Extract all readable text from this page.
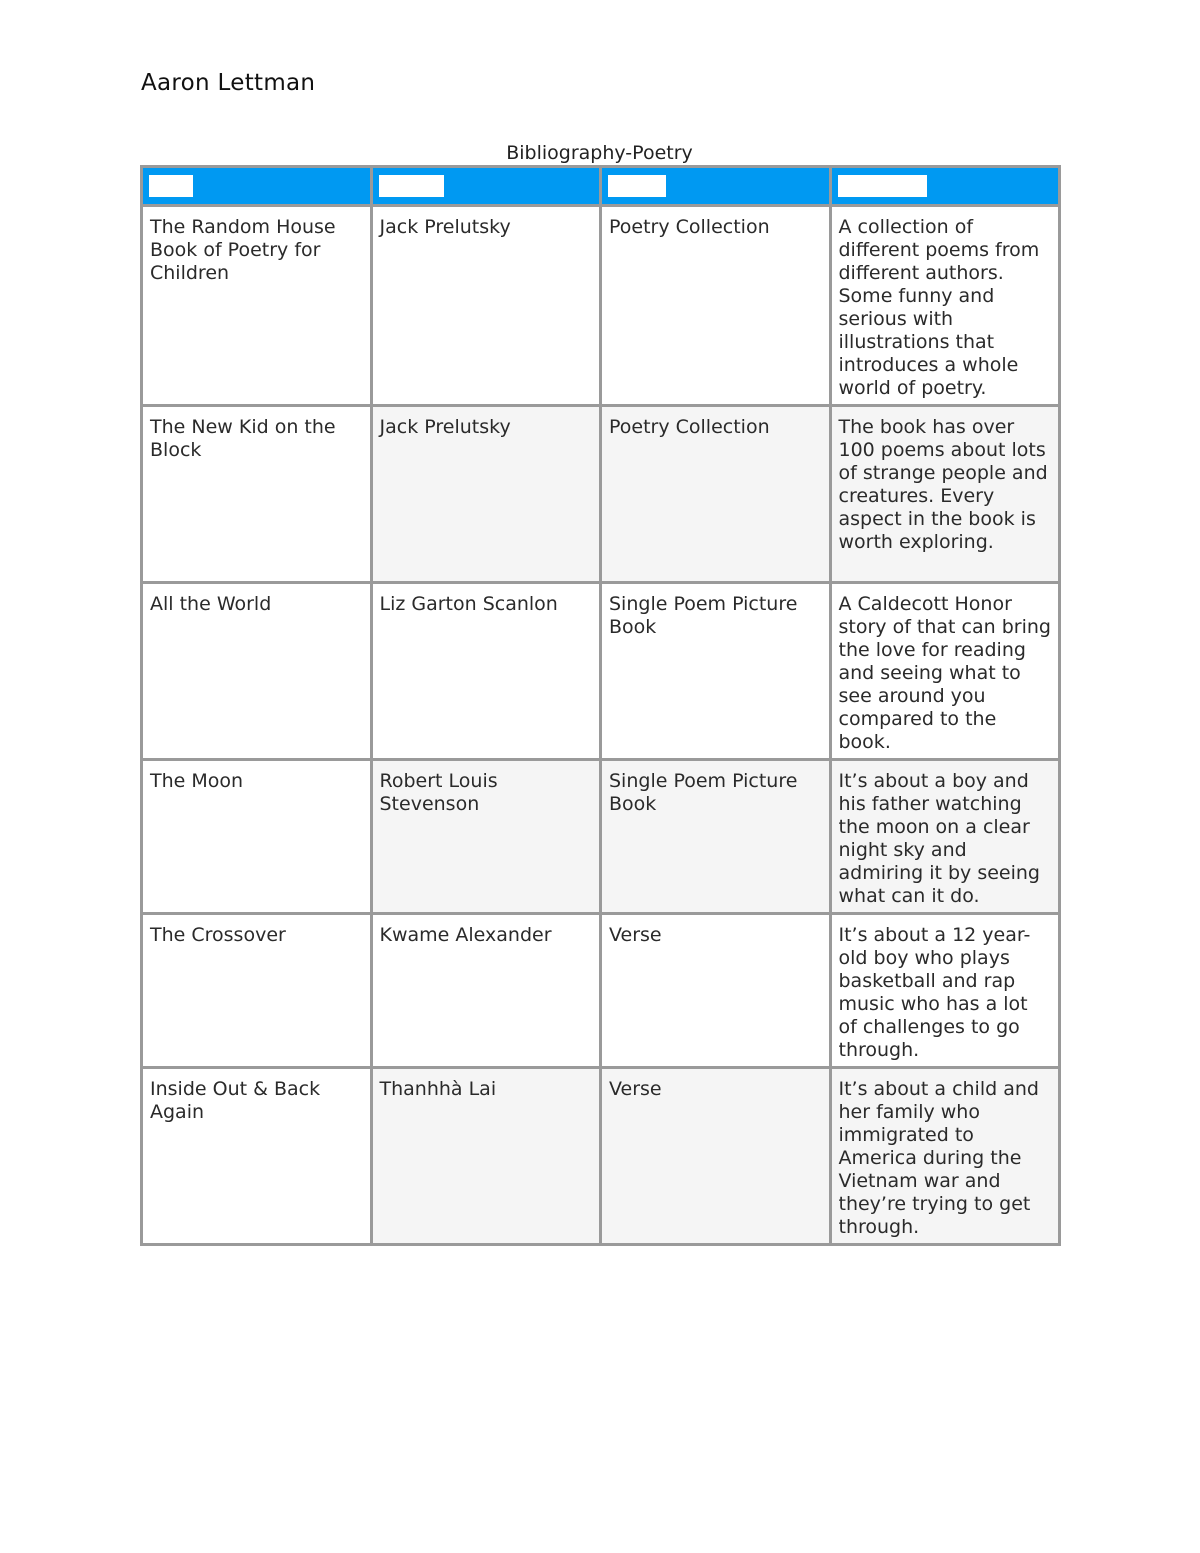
Aaron Lettman
Bibliography-Poetry
Title	Author	Genre	Summary
The Random House Book of Poetry for Children	Jack Prelutsky	Poetry Collection	A collection of different poems from different authors. Some funny and serious with illustrations that introduces a whole world of poetry.
The New Kid on the Block	Jack Prelutsky	Poetry Collection	The book has over 100 poems about lots of strange people and creatures. Every aspect in the book is worth exploring.
All the World	Liz Garton Scanlon	Single Poem Picture Book	A Caldecott Honor story of that can bring the love for reading and seeing what to see around you compared to the book.
The Moon	Robert Louis Stevenson	Single Poem Picture Book	It’s about a boy and his father watching the moon on a clear night sky and admiring it by seeing what can it do.
The Crossover	Kwame Alexander	Verse	It’s about a 12 year-old boy who plays basketball and rap music who has a lot of challenges to go through.
Inside Out & Back Again	Thanhhà Lai	Verse	It’s about a child and her family who immigrated to America during the Vietnam war and they’re trying to get through.
